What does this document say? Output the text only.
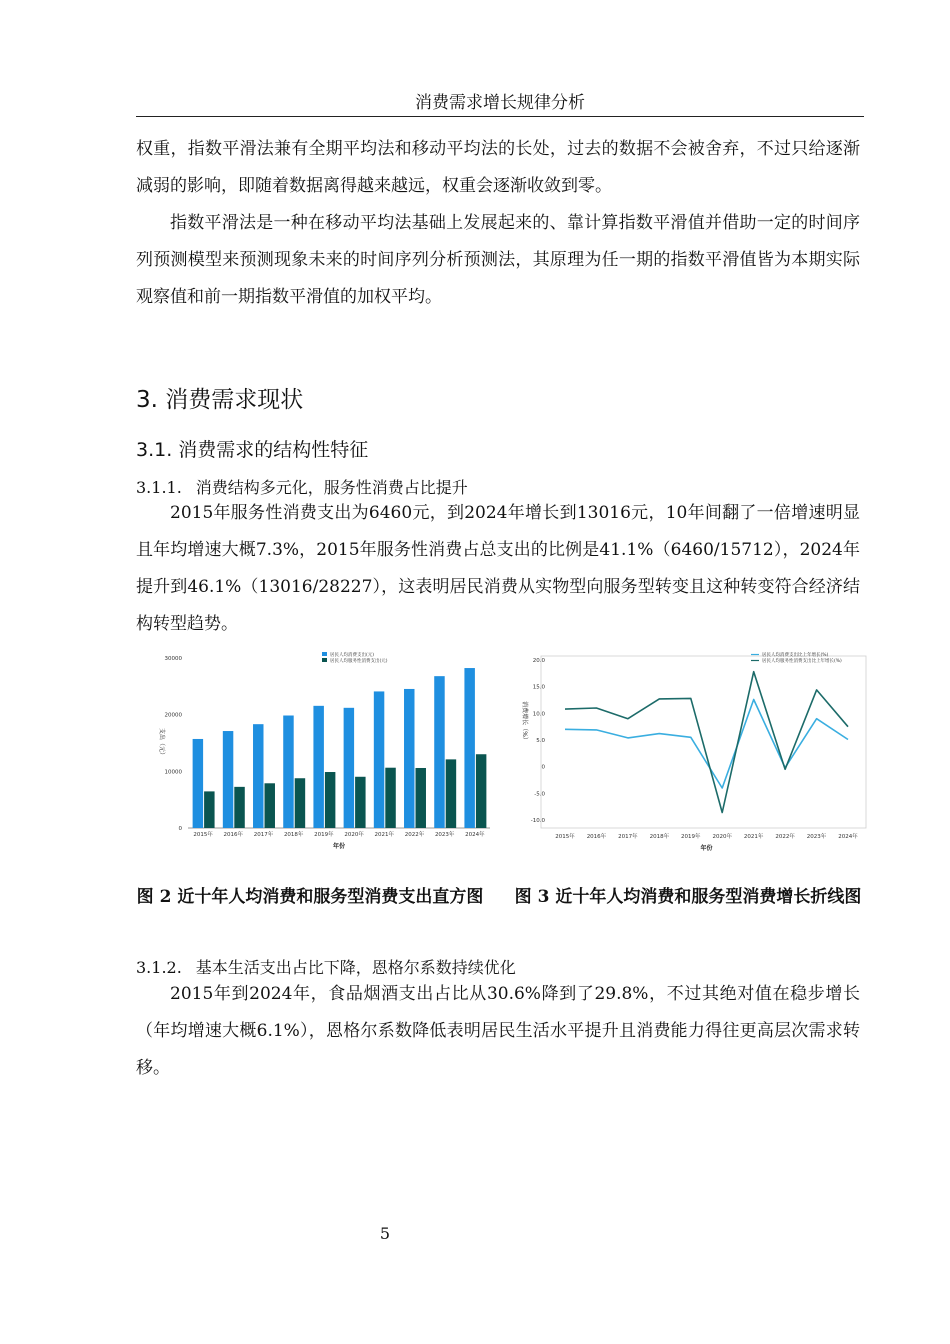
消费需求增长规律分析

权重，指数平滑法兼有全期平均法和移动平均法的长处，过去的数据不会被舍弃，不过只给逐渐减弱的影响，即随着数据离得越来越远，权重会逐渐收敛到零。

指数平滑法是一种在移动平均法基础上发展起来的、靠计算指数平滑值并借助一定的时间序列预测模型来预测现象未来的时间序列分析预测法，其原理为任一期的指数平滑值皆为本期实际观察值和前一期指数平滑值的加权平均。

3. 消费需求现状
3.1. 消费需求的结构性特征
3.1.1. 消费结构多元化，服务性消费占比提升

2015年服务性消费支出为6460元，到2024年增长到13016元，10年间翻了一倍增速明显且年均增速大概7.3%，2015年服务性消费占总支出的比例是41.1%（6460/15712），2024年提升到46.1%（13016/28227），这表明居民消费从实物型向服务型转变且这种转变符合经济结构转型趋势。

0
10000
20000
30000
2015年 2016年 2017年 2018年 2019年 2020年 2021年 2022年 2023年 2024年
年份
支出（元）
居民人均消费支出(元)
居民人均服务性消费支出(元)
-10.0
-5.0
0
5.0
10.0
15.0
20.0
2015年 2016年 2017年 2018年 2019年 2020年 2021年 2022年 2023年 2024年
年份
消费增长（%）
居民人均消费支出比上年增长(%)
居民人均服务性消费支出比上年增长(%)
图 2 近十年人均消费和服务型消费支出直方图 图 3 近十年人均消费和服务型消费增长折线图
3.1.2. 基本生活支出占比下降，恩格尔系数持续优化

2015年到2024年，食品烟酒支出占比从30.6%降到了29.8%，不过其绝对值在稳步增长（年均增速大概6.1%），恩格尔系数降低表明居民生活水平提升且消费能力得往更高层次需求转移。

5
